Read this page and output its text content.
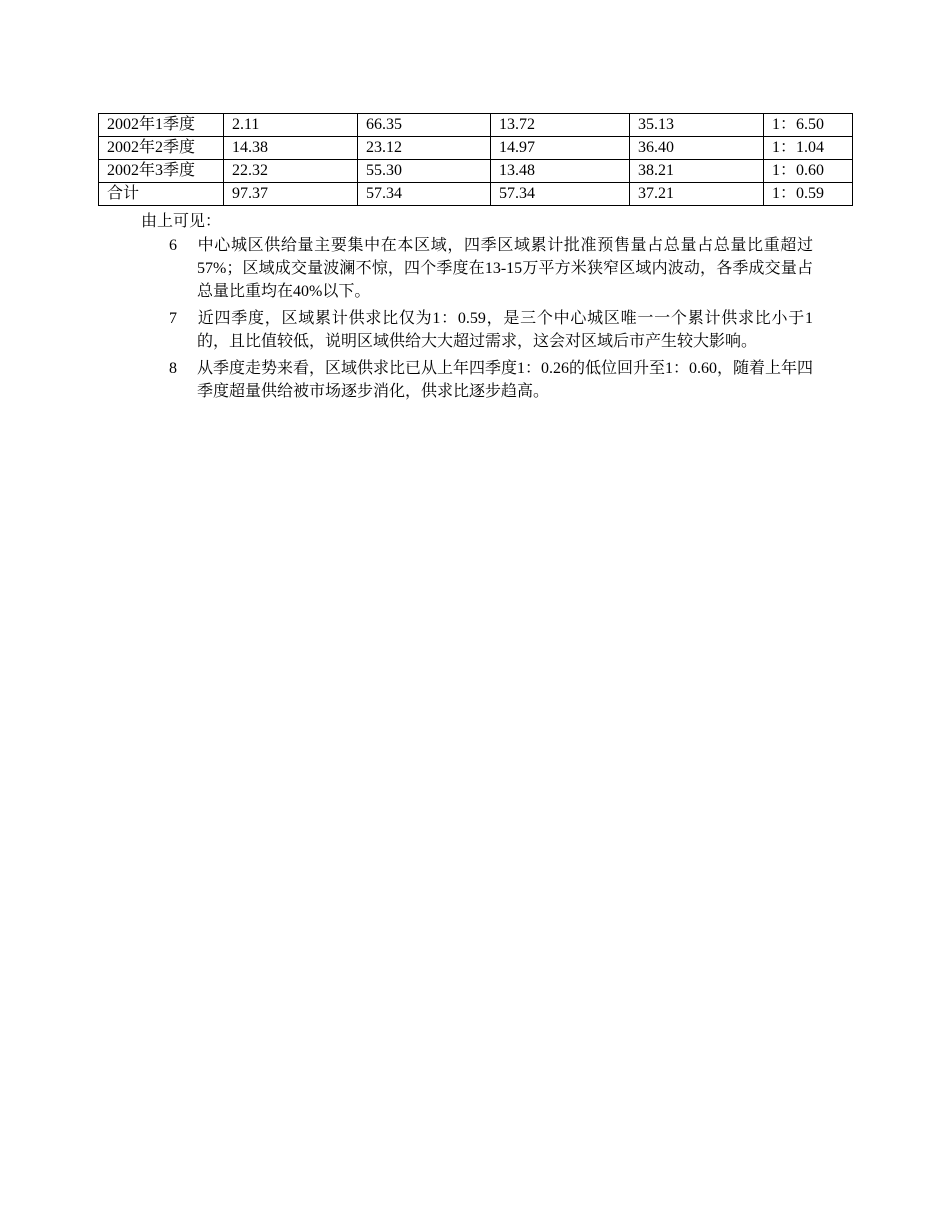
2002年1季度	2.11	66.35	13.72	35.13	1：6.50
2002年2季度	14.38	23.12	14.97	36.40	1：1.04
2002年3季度	22.32	55.30	13.48	38.21	1：0.60
合计	97.37	57.34	57.34	37.21	1：0.59

由上可见：

6 中心城区供给量主要集中在本区域，四季区域累计批准预售量占总量占总量比重超过57%；区域成交量波澜不惊，四个季度在13-15万平方米狭窄区域内波动，各季成交量占总量比重均在40%以下。

7 近四季度，区域累计供求比仅为1：0.59，是三个中心城区唯一一个累计供求比小于1的，且比值较低，说明区域供给大大超过需求，这会对区域后市产生较大影响。

8 从季度走势来看，区域供求比已从上年四季度1：0.26的低位回升至1：0.60，随着上年四季度超量供给被市场逐步消化，供求比逐步趋高。
